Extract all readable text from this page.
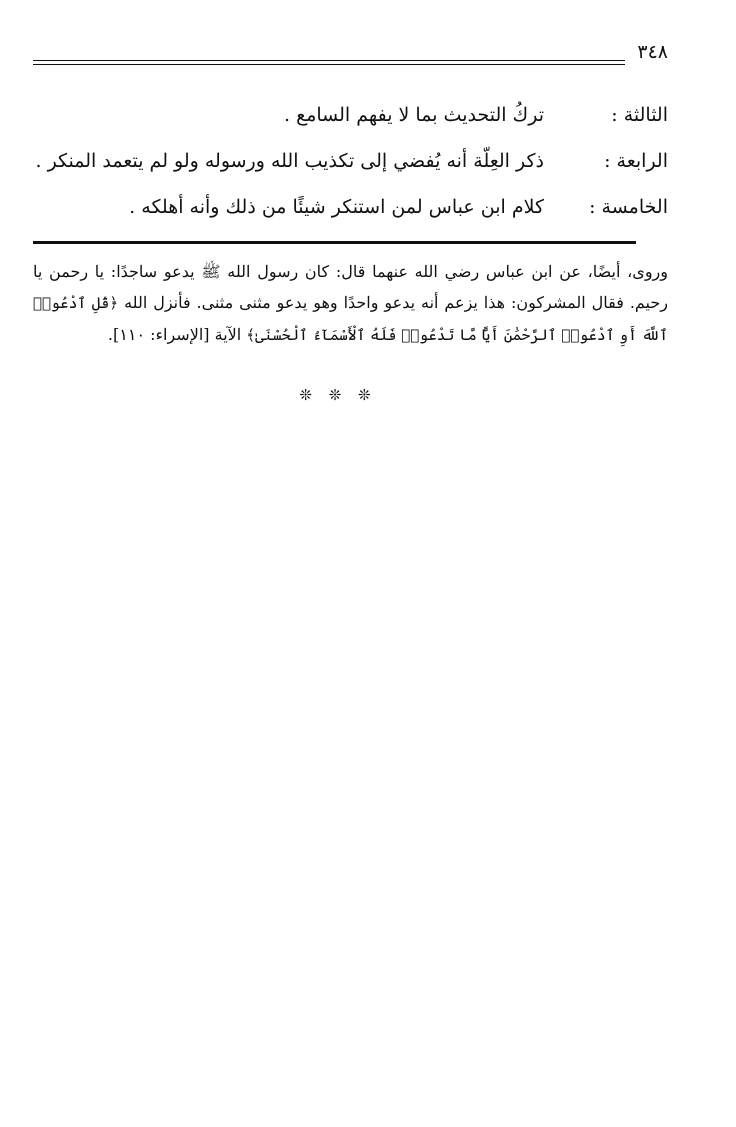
٣٤٨
الثالثة :
تركُ التحديث بما لا يفهم السامع .
الرابعة :
ذكر العِلّة أنه يُفضي إلى تكذيب الله ورسوله ولو لم يتعمد المنكر .
الخامسة :
كلام ابن عباس لمن استنكر شيئًا من ذلك وأنه أهلكه .
وروى، أيضًا، عن ابن عباس رضي الله عنهما قال: كان رسول الله ﷺ يدعو ساجدًا: يا رحمن يا رحيم. فقال المشركون: هذا يزعم أنه يدعو واحدًا وهو يدعو مثنى مثنى. فأنزل الله ﴿قُلِ ٱدْعُوا۟ ٱللَّهَ أَوِ ٱدْعُوا۟ ٱلرَّحْمَٰنَ أَيًّا مَّا تَدْعُوا۟ فَلَهُ ٱلْأَسْمَآءُ ٱلْحُسْنَىٰ﴾ الآية [الإسراء: ١١٠].
❊ ❊ ❊
